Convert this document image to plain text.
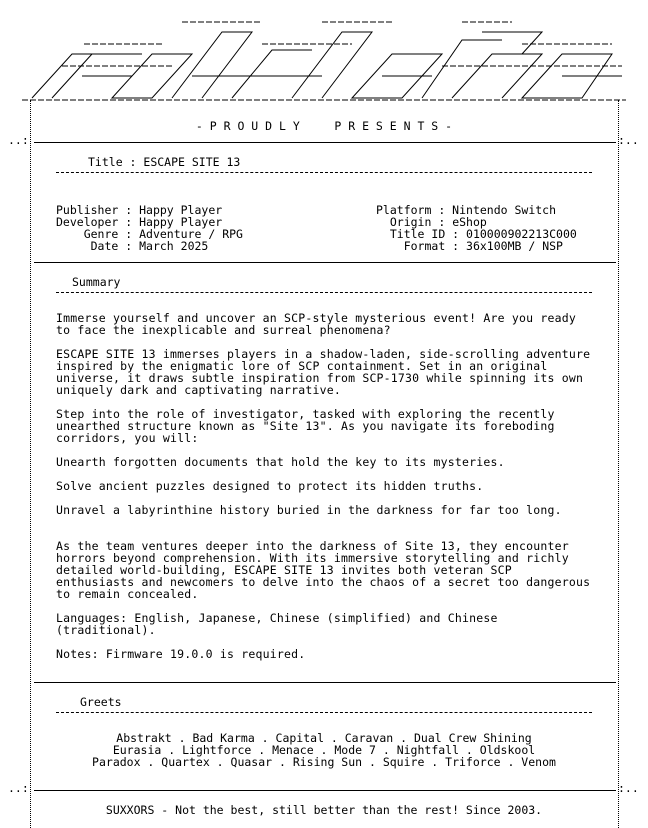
..:	:..
..:	:..
- P R O U D L Y     P R E S E N T S -
Title : ESCAPE SITE 13

Publisher : Happy Player
Developer : Happy Player
Genre : Adventure / RPG
Date : March 2025

Platform : Nintendo Switch
Origin : eShop
Title ID : 010000902213C000
Format : 36x100MB / NSP
Summary
Immerse yourself and uncover an SCP-style mysterious event! Are you ready to face the inexplicable and surreal phenomena?
ESCAPE SITE 13 immerses players in a shadow-laden, side-scrolling adventure inspired by the enigmatic lore of SCP containment. Set in an original universe, it draws subtle inspiration from SCP-1730 while spinning its own uniquely dark and captivating narrative.
Step into the role of investigator, tasked with exploring the recently unearthed structure known as "Site 13". As you navigate its foreboding corridors, you will:
Unearth forgotten documents that hold the key to its mysteries.
Solve ancient puzzles designed to protect its hidden truths.
Unravel a labyrinthine history buried in the darkness for far too long.
As the team ventures deeper into the darkness of Site 13, they encounter horrors beyond comprehension. With its immersive storytelling and richly detailed world-building, ESCAPE SITE 13 invites both veteran SCP enthusiasts and newcomers to delve into the chaos of a secret too dangerous to remain concealed.
Languages: English, Japanese, Chinese (simplified) and Chinese (traditional).
Notes: Firmware 19.0.0 is required.
Greets
Abstrakt . Bad Karma . Capital . Caravan . Dual Crew Shining
Eurasia . Lightforce . Menace . Mode 7 . Nightfall . Oldskool
Paradox . Quartex . Quasar . Rising Sun . Squire . Triforce . Venom
SUXXORS - Not the best, still better than the rest! Since 2003.
